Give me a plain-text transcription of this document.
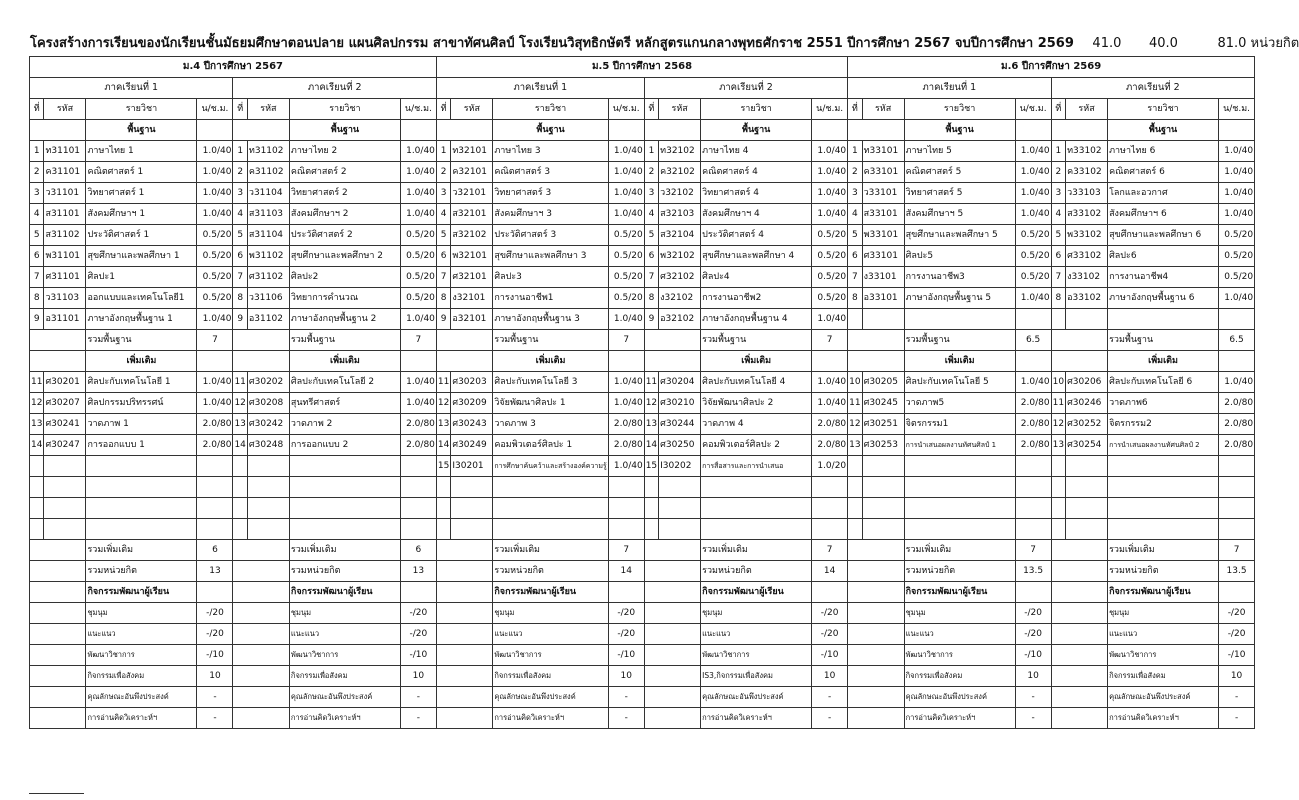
โครงสร้างการเรียนของนักเรียนชั้นมัธยมศึกษาตอนปลาย แผนศิลปกรรม สาขาทัศนศิลป์ โรงเรียนวิสุทธิกษัตรี หลักสูตรแกนกลางพุทธศักราช 2551 ปีการศึกษา 2567 จบปีการศึกษา 2569 41.0 40.0	81.0 หน่วยกิต
ม.4 ปีการศึกษา 2567								ม.5 ปีการศึกษา 2568								ม.6 ปีการศึกษา 2569							
ภาคเรียนที่ 1				ภาคเรียนที่ 2				ภาคเรียนที่ 1				ภาคเรียนที่ 2				ภาคเรียนที่ 1				ภาคเรียนที่ 2			
ที่	รหัส	รายวิชา	น/ช.ม.	ที่	รหัส	รายวิชา	น/ช.ม.	ที่	รหัส	รายวิชา	น/ช.ม.	ที่	รหัส	รายวิชา	น/ช.ม.	ที่	รหัส	รายวิชา	น/ช.ม.	ที่	รหัส	รายวิชา	น/ช.ม.
		พื้นฐาน				พื้นฐาน				พื้นฐาน				พื้นฐาน				พื้นฐาน				พื้นฐาน	
1	ท31101	ภาษาไทย 1	1.0/40	1	ท31102	ภาษาไทย 2	1.0/40	1	ท32101	ภาษาไทย 3	1.0/40	1	ท32102	ภาษาไทย 4	1.0/40	1	ท33101	ภาษาไทย 5	1.0/40	1	ท33102	ภาษาไทย 6	1.0/40
2	ค31101	คณิตศาสตร์ 1	1.0/40	2	ค31102	คณิตศาสตร์ 2	1.0/40	2	ค32101	คณิตศาสตร์ 3	1.0/40	2	ค32102	คณิตศาสตร์ 4	1.0/40	2	ค33101	คณิตศาสตร์ 5	1.0/40	2	ค33102	คณิตศาสตร์ 6	1.0/40
3	ว31101	วิทยาศาสตร์ 1	1.0/40	3	ว31104	วิทยาศาสตร์ 2	1.0/40	3	ว32101	วิทยาศาสตร์ 3	1.0/40	3	ว32102	วิทยาศาสตร์ 4	1.0/40	3	ว33101	วิทยาศาสตร์ 5	1.0/40	3	ว33103	โลกและอวกาศ	1.0/40
4	ส31101	สังคมศึกษาฯ 1	1.0/40	4	ส31103	สังคมศึกษาฯ 2	1.0/40	4	ส32101	สังคมศึกษาฯ 3	1.0/40	4	ส32103	สังคมศึกษาฯ 4	1.0/40	4	ส33101	สังคมศึกษาฯ 5	1.0/40	4	ส33102	สังคมศึกษาฯ 6	1.0/40
5	ส31102	ประวัติศาสตร์ 1	0.5/20	5	ส31104	ประวัติศาสตร์ 2	0.5/20	5	ส32102	ประวัติศาสตร์ 3	0.5/20	5	ส32104	ประวัติศาสตร์ 4	0.5/20	5	พ33101	สุขศึกษาและพลศึกษา 5	0.5/20	5	พ33102	สุขศึกษาและพลศึกษา 6	0.5/20
6	พ31101	สุขศึกษาและพลศึกษา 1	0.5/20	6	พ31102	สุขศึกษาและพลศึกษา 2	0.5/20	6	พ32101	สุขศึกษาและพลศึกษา 3	0.5/20	6	พ32102	สุขศึกษาและพลศึกษา 4	0.5/20	6	ศ33101	ศิลปะ5	0.5/20	6	ศ33102	ศิลปะ6	0.5/20
7	ศ31101	ศิลปะ1	0.5/20	7	ศ31102	ศิลปะ2	0.5/20	7	ศ32101	ศิลปะ3	0.5/20	7	ศ32102	ศิลปะ4	0.5/20	7	ง33101	การงานอาชีพ3	0.5/20	7	ง33102	การงานอาชีพ4	0.5/20
8	ว31103	ออกแบบและเทคโนโลยี1	0.5/20	8	ว31106	วิทยาการคำนวณ	0.5/20	8	ง32101	การงานอาชีพ1	0.5/20	8	ง32102	การงานอาชีพ2	0.5/20	8	อ33101	ภาษาอังกฤษพื้นฐาน 5	1.0/40	8	อ33102	ภาษาอังกฤษพื้นฐาน 6	1.0/40
9	อ31101	ภาษาอังกฤษพื้นฐาน 1	1.0/40	9	อ31102	ภาษาอังกฤษพื้นฐาน 2	1.0/40	9	อ32101	ภาษาอังกฤษพื้นฐาน 3	1.0/40	9	อ32102	ภาษาอังกฤษพื้นฐาน 4	1.0/40								
		รวมพื้นฐาน	7			รวมพื้นฐาน	7			รวมพื้นฐาน	7			รวมพื้นฐาน	7			รวมพื้นฐาน	6.5			รวมพื้นฐาน	6.5
		เพิ่มเติม				เพิ่มเติม				เพิ่มเติม				เพิ่มเติม				เพิ่มเติม				เพิ่มเติม	
11	ศ30201	ศิลปะกับเทคโนโลยี 1	1.0/40	11	ศ30202	ศิลปะกับเทคโนโลยี 2	1.0/40	11	ศ30203	ศิลปะกับเทคโนโลยี 3	1.0/40	11	ศ30204	ศิลปะกับเทคโนโลยี 4	1.0/40	10	ศ30205	ศิลปะกับเทคโนโลยี 5	1.0/40	10	ศ30206	ศิลปะกับเทคโนโลยี 6	1.0/40
12	ศ30207	ศิลปกรรมปริทรรศน์	1.0/40	12	ศ30208	สุนทรีศาสตร์	1.0/40	12	ศ30209	วิจัยพัฒนาศิลปะ 1	1.0/40	12	ศ30210	วิจัยพัฒนาศิลปะ 2	1.0/40	11	ศ30245	วาดภาพ5	2.0/80	11	ศ30246	วาดภาพ6	2.0/80
13	ศ30241	วาดภาพ 1	2.0/80	13	ศ30242	วาดภาพ 2	2.0/80	13	ศ30243	วาดภาพ 3	2.0/80	13	ศ30244	วาดภาพ 4	2.0/80	12	ศ30251	จิตรกรรม1	2.0/80	12	ศ30252	จิตรกรรม2	2.0/80
14	ศ30247	การออกแบบ 1	2.0/80	14	ศ30248	การออกแบบ 2	2.0/80	14	ศ30249	คอมพิวเตอร์ศิลปะ 1	2.0/80	14	ศ30250	คอมพิวเตอร์ศิลปะ 2	2.0/80	13	ศ30253	การนำเสนอผลงานทัศนศิลป์ 1	2.0/80	13	ศ30254	การนำเสนอผลงานทัศนศิลป์ 2	2.0/80
								15	I30201	การศึกษาค้นคว้าและสร้างองค์ความรู้	1.0/40	15	I30202	การสื่อสารและการนำเสนอ	1.0/20								

		รวมเพิ่มเติม	6			รวมเพิ่มเติม	6			รวมเพิ่มเติม	7			รวมเพิ่มเติม	7			รวมเพิ่มเติม	7			รวมเพิ่มเติม	7
		รวมหน่วยกิต	13			รวมหน่วยกิต	13			รวมหน่วยกิต	14			รวมหน่วยกิต	14			รวมหน่วยกิต	13.5			รวมหน่วยกิต	13.5
		กิจกรรมพัฒนาผู้เรียน				กิจกรรมพัฒนาผู้เรียน				กิจกรรมพัฒนาผู้เรียน				กิจกรรมพัฒนาผู้เรียน				กิจกรรมพัฒนาผู้เรียน				กิจกรรมพัฒนาผู้เรียน	
		ชุมนุม	-/20			ชุมนุม	-/20			ชุมนุม	-/20			ชุมนุม	-/20			ชุมนุม	-/20			ชุมนุม	-/20
		แนะแนว	-/20			แนะแนว	-/20			แนะแนว	-/20			แนะแนว	-/20			แนะแนว	-/20			แนะแนว	-/20
		พัฒนาวิชาการ	-/10			พัฒนาวิชาการ	-/10			พัฒนาวิชาการ	-/10			พัฒนาวิชาการ	-/10			พัฒนาวิชาการ	-/10			พัฒนาวิชาการ	-/10
		กิจกรรมเพื่อสังคม	10			กิจกรรมเพื่อสังคม	10			กิจกรรมเพื่อสังคม	10			IS3,กิจกรรมเพื่อสังคม	10			กิจกรรมเพื่อสังคม	10			กิจกรรมเพื่อสังคม	10
		คุณลักษณะอันพึงประสงค์	-			คุณลักษณะอันพึงประสงค์	-			คุณลักษณะอันพึงประสงค์	-			คุณลักษณะอันพึงประสงค์	-			คุณลักษณะอันพึงประสงค์	-			คุณลักษณะอันพึงประสงค์	-
		การอ่านคิดวิเคราะห์ฯ	-			การอ่านคิดวิเคราะห์ฯ	-			การอ่านคิดวิเคราะห์ฯ	-			การอ่านคิดวิเคราะห์ฯ	-			การอ่านคิดวิเคราะห์ฯ	-			การอ่านคิดวิเคราะห์ฯ	-
